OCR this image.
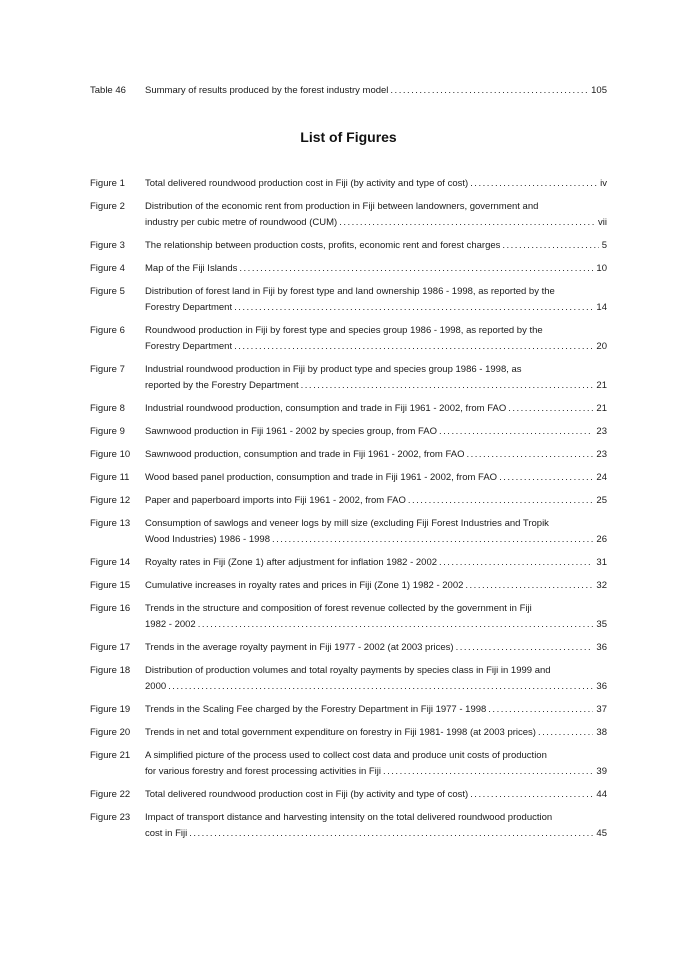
Table 46	Summary of results produced by the forest industry model .....	105
List of Figures
Figure 1	Total delivered roundwood production cost in Fiji (by activity and type of cost) .....	iv
Figure 2	Distribution of the economic rent from production in Fiji between landowners, government and
industry per cubic metre of roundwood (CUM) .....	vii
Figure 3	The relationship between production costs, profits, economic rent and forest charges .....	5
Figure 4	Map of the Fiji Islands .....	10
Figure 5	Distribution of forest land in Fiji by forest type and land ownership 1986 - 1998, as reported by the
Forestry Department .....	14
Figure 6	Roundwood production in Fiji by forest type and species group 1986 - 1998, as reported by the
Forestry Department .....	20
Figure 7	Industrial roundwood production in Fiji by product type and species group 1986 - 1998, as
reported by the Forestry Department .....	21
Figure 8	Industrial roundwood production, consumption and trade in Fiji 1961 - 2002, from FAO .....	21
Figure 9	Sawnwood production in Fiji 1961 - 2002 by species group, from FAO .....	23
Figure 10	Sawnwood production, consumption and trade in Fiji 1961 - 2002, from FAO .....	23
Figure 11	Wood based panel production, consumption and trade in Fiji 1961 - 2002, from FAO .....	24
Figure 12	Paper and paperboard imports into Fiji 1961 - 2002, from FAO .....	25
Figure 13	Consumption of sawlogs and veneer logs by mill size (excluding Fiji Forest Industries and Tropik
Wood Industries) 1986 - 1998 .....	26
Figure 14	Royalty rates in Fiji (Zone 1) after adjustment for inflation 1982 - 2002 .....	31
Figure 15	Cumulative increases in royalty rates and prices in Fiji (Zone 1) 1982 - 2002 .....	32
Figure 16	Trends in the structure and composition of forest revenue collected by the government in Fiji
1982 - 2002 .....	35
Figure 17	Trends in the average royalty payment in Fiji 1977 - 2002 (at 2003 prices) .....	36
Figure 18	Distribution of production volumes and total royalty payments by species class in Fiji in 1999 and
2000 .....	36
Figure 19	Trends in the Scaling Fee charged by the Forestry Department in Fiji 1977 - 1998 .....	37
Figure 20	Trends in net and total government expenditure on forestry in Fiji 1981- 1998 (at 2003 prices) .....	38
Figure 21	A simplified picture of the process used to collect cost data and produce unit costs of production
for various forestry and forest processing activities in Fiji .....	39
Figure 22	Total delivered roundwood production cost in Fiji (by activity and type of cost) .....	44
Figure 23	Impact of transport distance and harvesting intensity on the total delivered roundwood production
cost in Fiji .....	45
